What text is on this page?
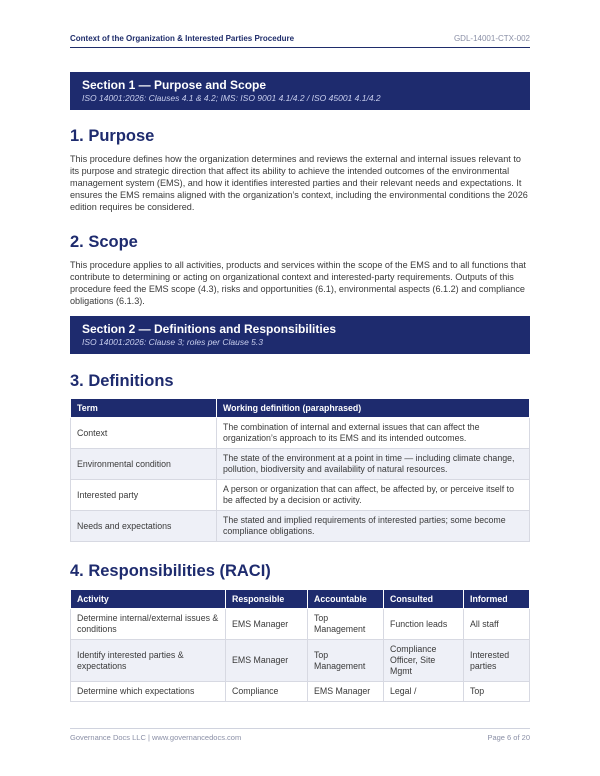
Context of the Organization & Interested Parties Procedure	GDL-14001-CTX-002
Section 1 — Purpose and Scope
ISO 14001:2026: Clauses 4.1 & 4.2; IMS: ISO 9001 4.1/4.2 / ISO 45001 4.1/4.2
1. Purpose

This procedure defines how the organization determines and reviews the external and internal issues relevant to its purpose and strategic direction that affect its ability to achieve the intended outcomes of the environmental management system (EMS), and how it identifies interested parties and their relevant needs and expectations. It ensures the EMS remains aligned with the organization’s context, including the environmental conditions the 2026 edition requires be considered.

2. Scope

This procedure applies to all activities, products and services within the scope of the EMS and to all functions that contribute to determining or acting on organizational context and interested-party requirements. Outputs of this procedure feed the EMS scope (4.3), risks and opportunities (6.1), environmental aspects (6.1.2) and compliance obligations (6.1.3).

Section 2 — Definitions and Responsibilities
ISO 14001:2026: Clause 3; roles per Clause 5.3
3. Definitions
Term	Working definition (paraphrased)
Context	The combination of internal and external issues that can affect the organization’s approach to its EMS and its intended outcomes.
Environmental condition	The state of the environment at a point in time — including climate change, pollution, biodiversity and availability of natural resources.
Interested party	A person or organization that can affect, be affected by, or perceive itself to be affected by a decision or activity.
Needs and expectations	The stated and implied requirements of interested parties; some become compliance obligations.
4. Responsibilities (RACI)
Activity	Responsible	Accountable	Consulted	Informed
Determine internal/external issues & conditions	EMS Manager	Top Management	Function leads	All staff
Identify interested parties & expectations	EMS Manager	Top Management	Compliance Officer, Site Mgmt	Interested parties
Determine which expectations	Compliance	EMS Manager	Legal /	Top
Governance Docs LLC | www.governancedocs.com	Page 6 of 20
